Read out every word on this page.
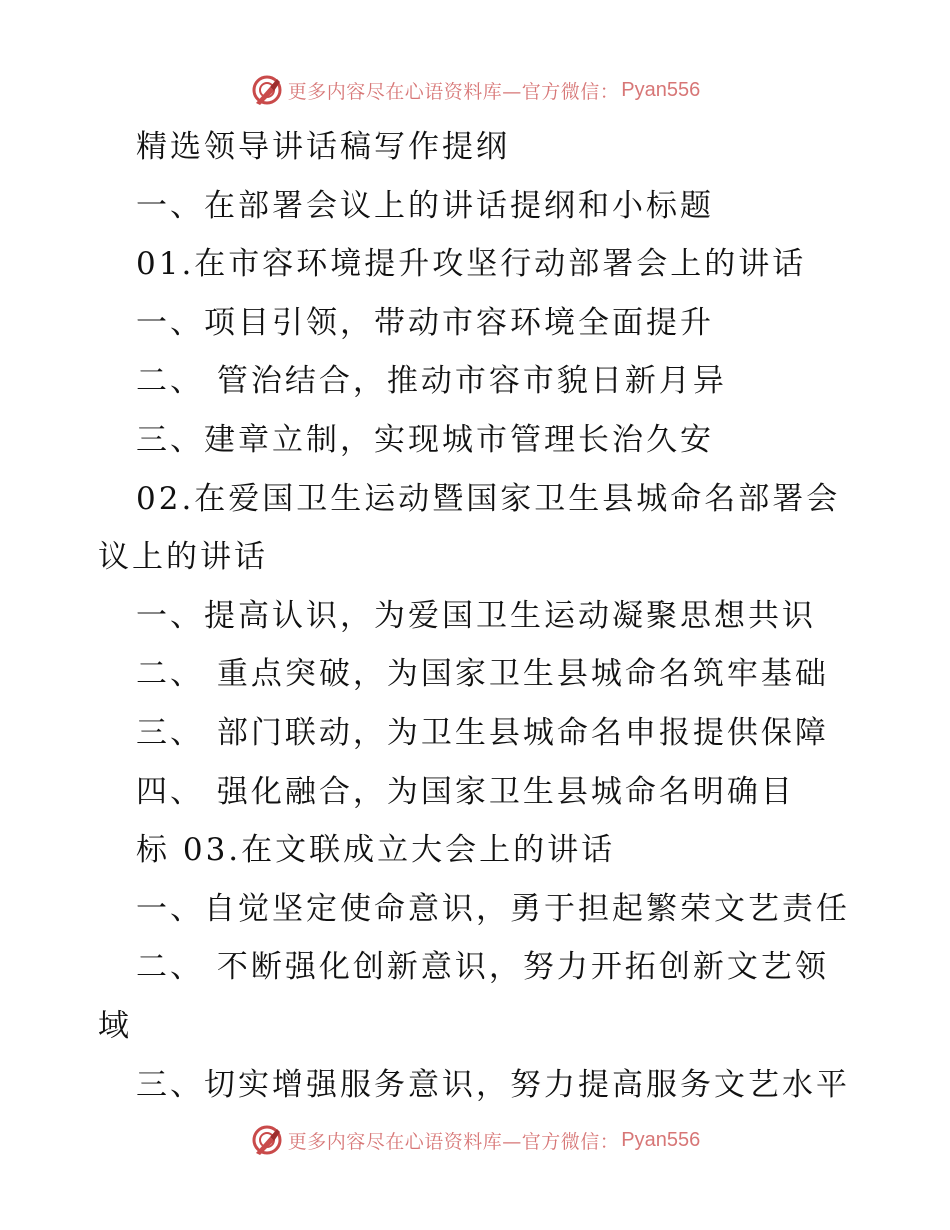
更多内容尽在心语资料库—官方微信： Pyan556
精选领导讲话稿写作提纲
一、在部署会议上的讲话提纲和小标题
01.在市容环境提升攻坚行动部署会上的讲话
一、项目引领，带动市容环境全面提升
二、 管治结合，推动市容市貌日新月异
三、建章立制，实现城市管理长治久安
02.在爱国卫生运动暨国家卫生县城命名部署会
议上的讲话
一、提高认识，为爱国卫生运动凝聚思想共识
二、 重点突破，为国家卫生县城命名筑牢基础
三、 部门联动，为卫生县城命名申报提供保障
四、 强化融合，为国家卫生县城命名明确目
标 03.在文联成立大会上的讲话
一、自觉坚定使命意识，勇于担起繁荣文艺责任
二、 不断强化创新意识，努力开拓创新文艺领
域
三、切实增强服务意识，努力提高服务文艺水平
更多内容尽在心语资料库—官方微信： Pyan556
